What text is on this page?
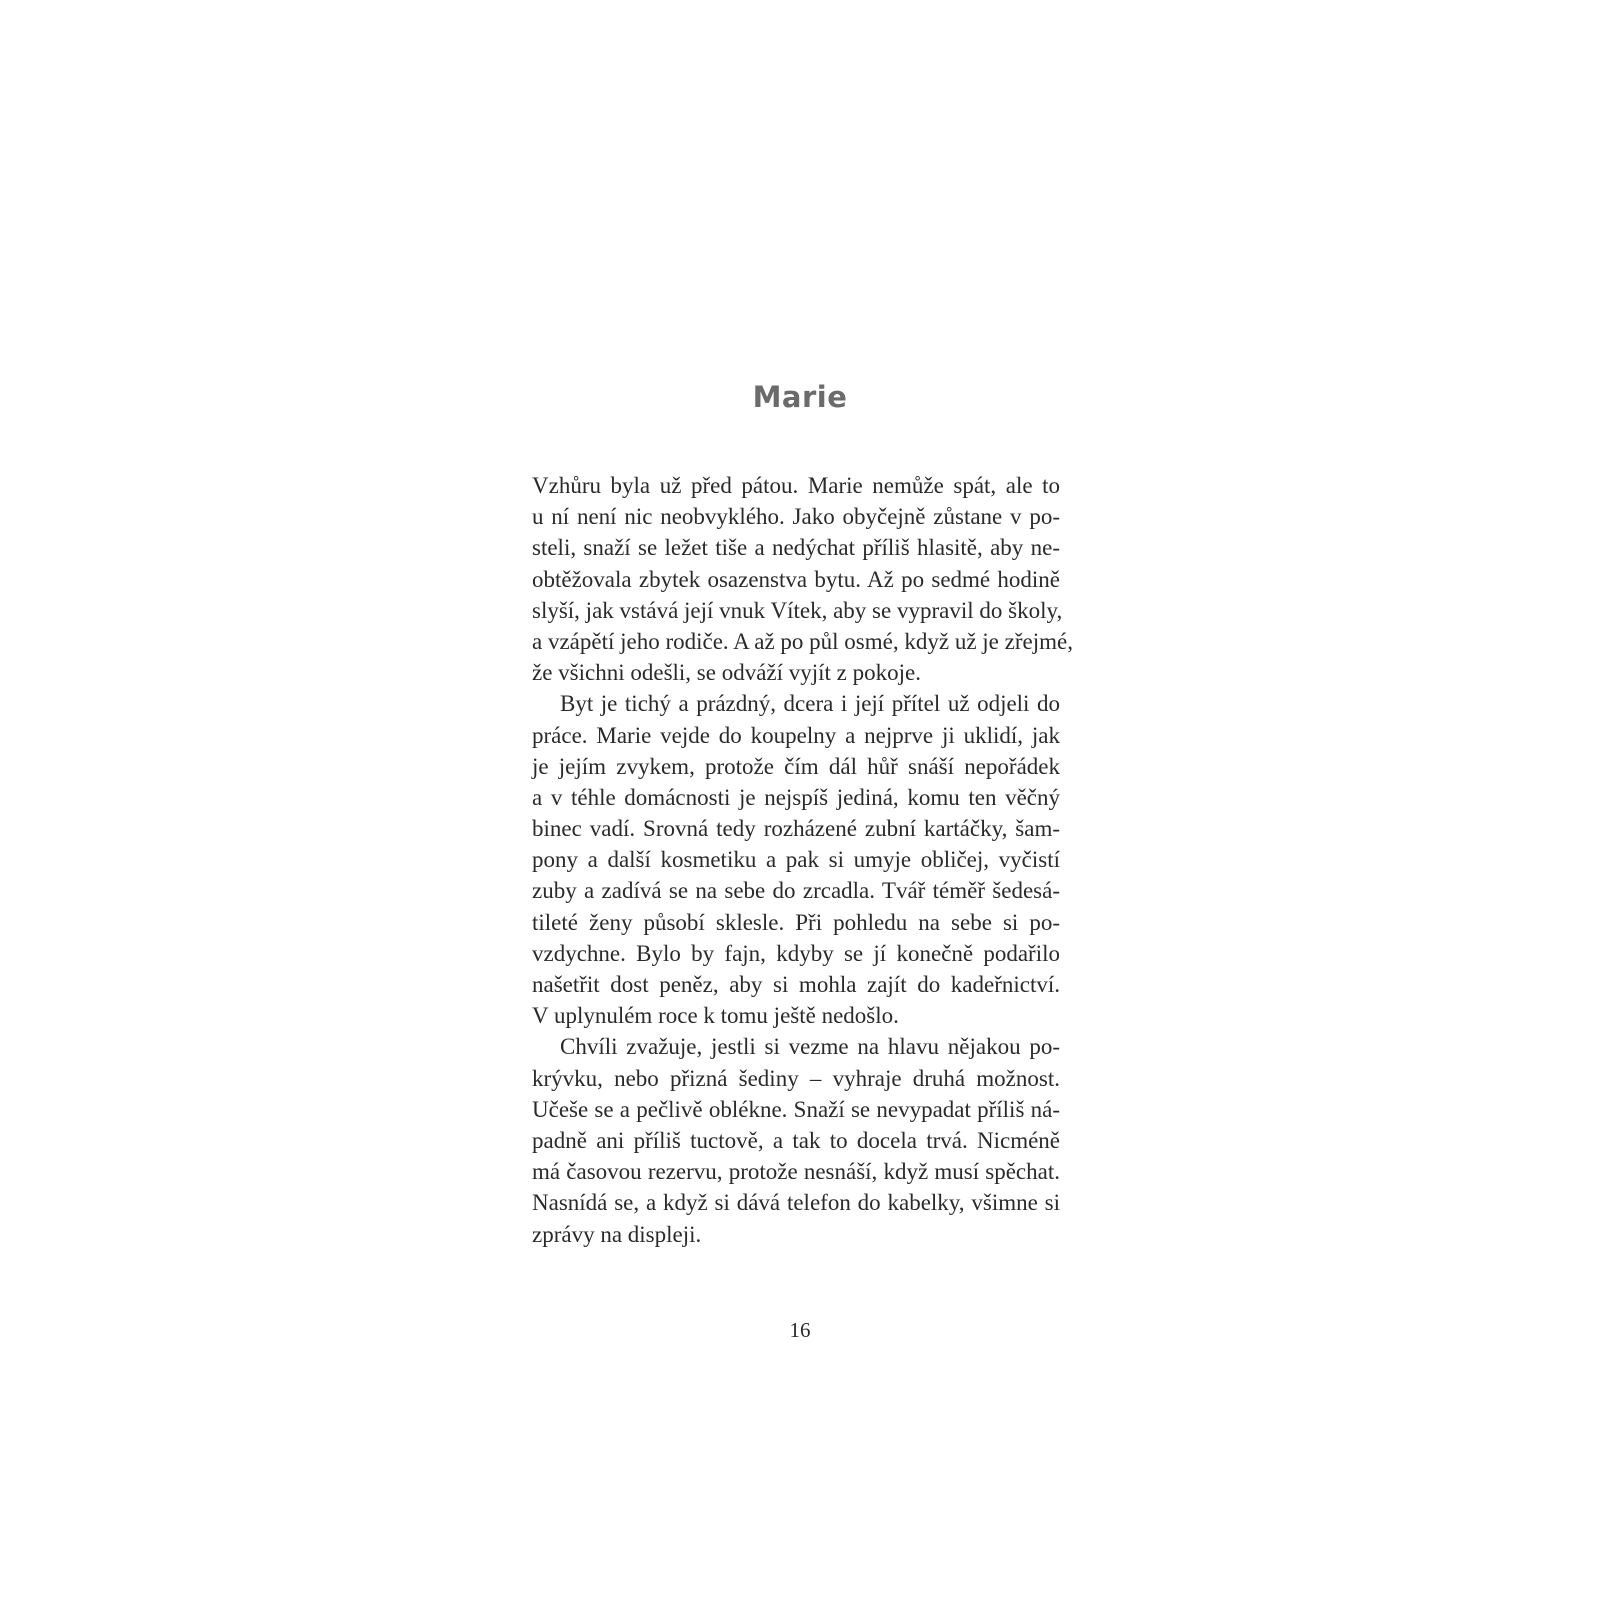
Marie
Vzhůru byla už před pátou. Marie nemůže spát, ale to
u ní není nic neobvyklého. Jako obyčejně zůstane v po-
steli, snaží se ležet tiše a nedýchat příliš hlasitě, aby ne-
obtěžovala zbytek osazenstva bytu. Až po sedmé hodině
slyší, jak vstává její vnuk Vítek, aby se vypravil do školy,
a vzápětí jeho rodiče. A až po půl osmé, když už je zřejmé,
že všichni odešli, se odváží vyjít z pokoje.
Byt je tichý a prázdný, dcera i její přítel už odjeli do
práce. Marie vejde do koupelny a nejprve ji uklidí, jak
je jejím zvykem, protože čím dál hůř snáší nepořádek
a v téhle domácnosti je nejspíš jediná, komu ten věčný
binec vadí. Srovná tedy rozházené zubní kartáčky, šam-
pony a další kosmetiku a pak si umyje obličej, vyčistí
zuby a zadívá se na sebe do zrcadla. Tvář téměř šedesá-
tileté ženy působí sklesle. Při pohledu na sebe si po-
vzdychne. Bylo by fajn, kdyby se jí konečně podařilo
našetřit dost peněz, aby si mohla zajít do kadeřnictví.
V uplynulém roce k tomu ještě nedošlo.
Chvíli zvažuje, jestli si vezme na hlavu nějakou po-
krývku, nebo přizná šediny – vyhraje druhá možnost.
Učeše se a pečlivě oblékne. Snaží se nevypadat příliš ná-
padně ani příliš tuctově, a tak to docela trvá. Nicméně
má časovou rezervu, protože nesnáší, když musí spěchat.
Nasnídá se, a když si dává telefon do kabelky, všimne si
zprávy na displeji.
16
